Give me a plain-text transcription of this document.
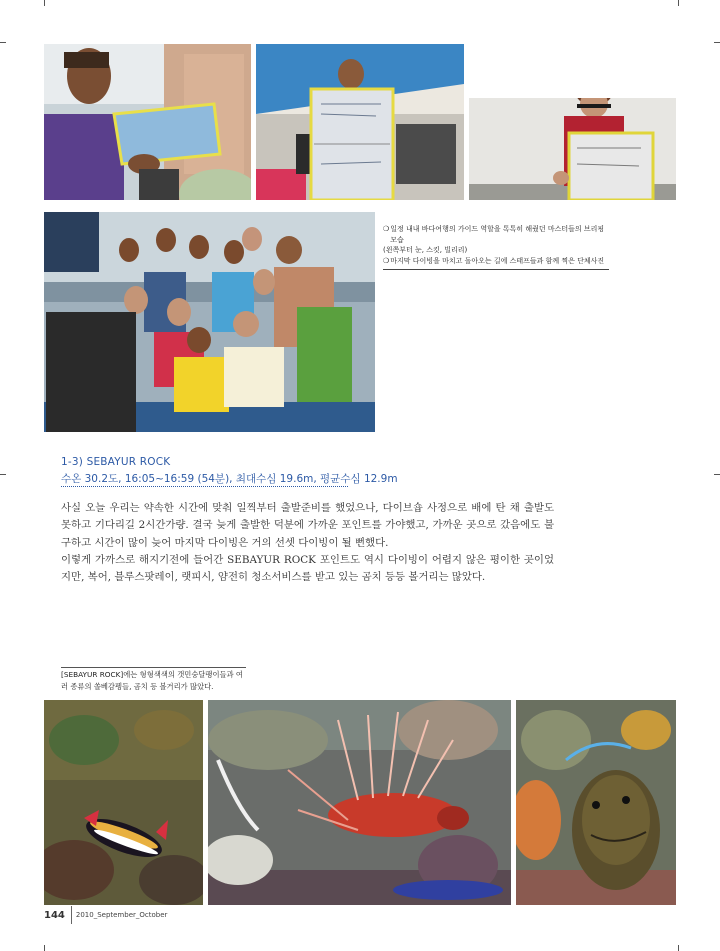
❍ 일정 내내 바다여행의 가이드 역할을 톡톡히 해줬던 마스터들의 브리핑 모습
(왼쪽부터 눈, 스킷, 빌리리)
❍ 마지막 다이빙을 마치고 돌아오는 길에 스태프들과 함께 찍은 단체사진
1-3) SEBAYUR ROCK
수온 30.2도, 16:05~16:59 (54분), 최대수심 19.6m, 평균수심 12.9m

사실 오늘 우리는 약속한 시간에 맞춰 일찍부터 출발준비를 했었으나, 다이브숍 사정으로 배에 탄 채 출발도 못하고 기다리길 2시간가량. 결국 늦게 출발한 덕분에 가까운 포인트를 가야했고, 가까운 곳으로 갔음에도 불구하고 시간이 많이 늦어 마지막 다이빙은 거의 선셋 다이빙이 될 뻔했다.

이렇게 가까스로 해지기전에 들어간 SEBAYUR ROCK 포인트도 역시 다이빙이 어렵지 않은 평이한 곳이었지만, 복어, 블루스팟레이, 랫피시, 얌전히 청소서비스를 받고 있는 곰치 등등 볼거리는 많았다.

[SEBAYUR ROCK]에는 형형색색의 갯민숭달팽이들과 여러 종류의 쏠베감펭들, 곰치 등 볼거리가 많았다.
144 2010_September_October
